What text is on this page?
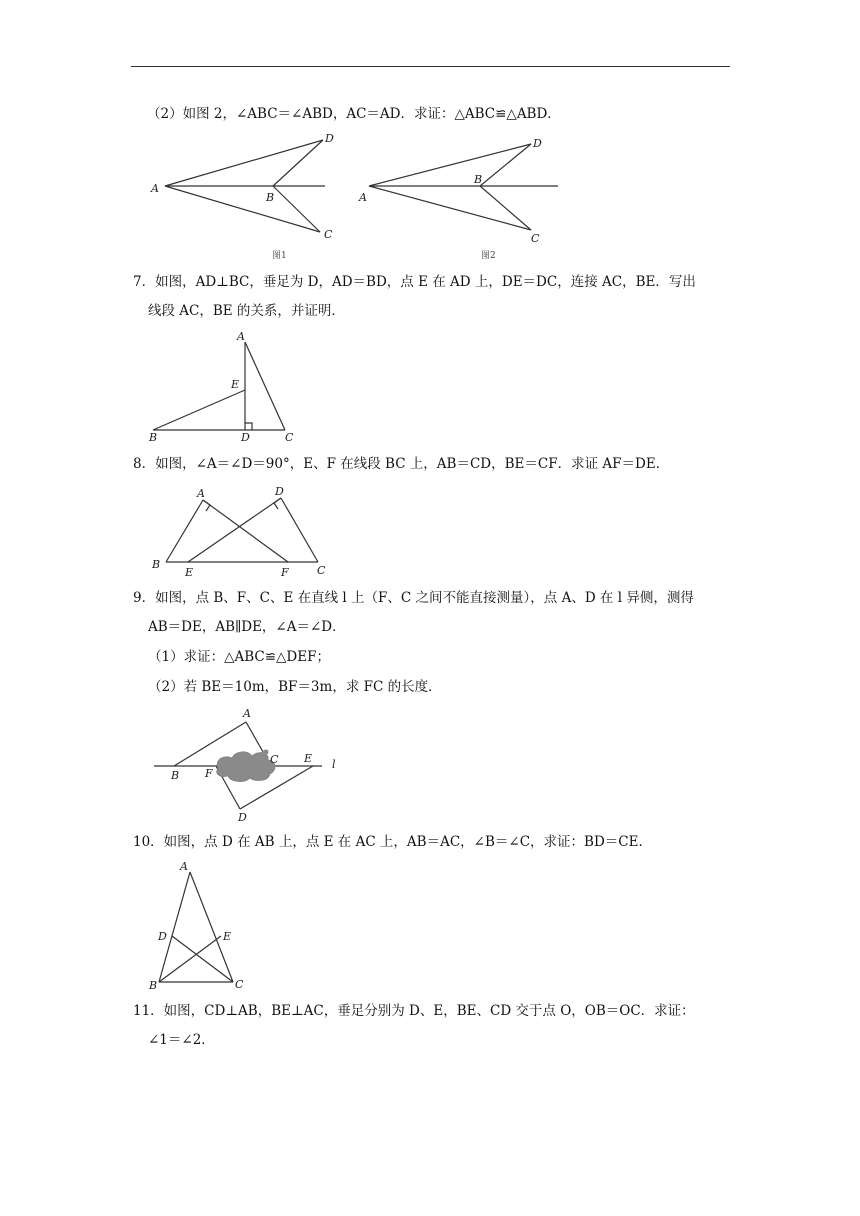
（2）如图 2，∠ABC＝∠ABD，AC＝AD．求证：△ABC≌△ABD．
A
B
C
D
图1
A
B
C
D
图2
7．如图，AD⊥BC，垂足为 D，AD＝BD，点 E 在 AD 上，DE＝DC，连接 AC，BE．写出
线段 AC，BE 的关系，并证明．
A
E
B	D	C
8．如图，∠A＝∠D＝90°，E、F 在线段 BC 上，AB＝CD，BE＝CF．求证 AF＝DE．
A	D
B
E	F	C
9．如图，点 B、F、C、E 在直线 l 上（F、C 之间不能直接测量），点 A、D 在 l 异侧，测得
AB＝DE，AB∥DE，∠A＝∠D．
（1）求证：△ABC≌△DEF；
（2）若 BE＝10m，BF＝3m，求 FC 的长度．
A
B F
C E l
D
10．如图，点 D 在 AB 上，点 E 在 AC 上，AB＝AC，∠B＝∠C，求证：BD＝CE．
A
D	E
B	C
11．如图，CD⊥AB，BE⊥AC，垂足分别为 D、E，BE、CD 交于点 O，OB＝OC．求证：
∠1＝∠2．
